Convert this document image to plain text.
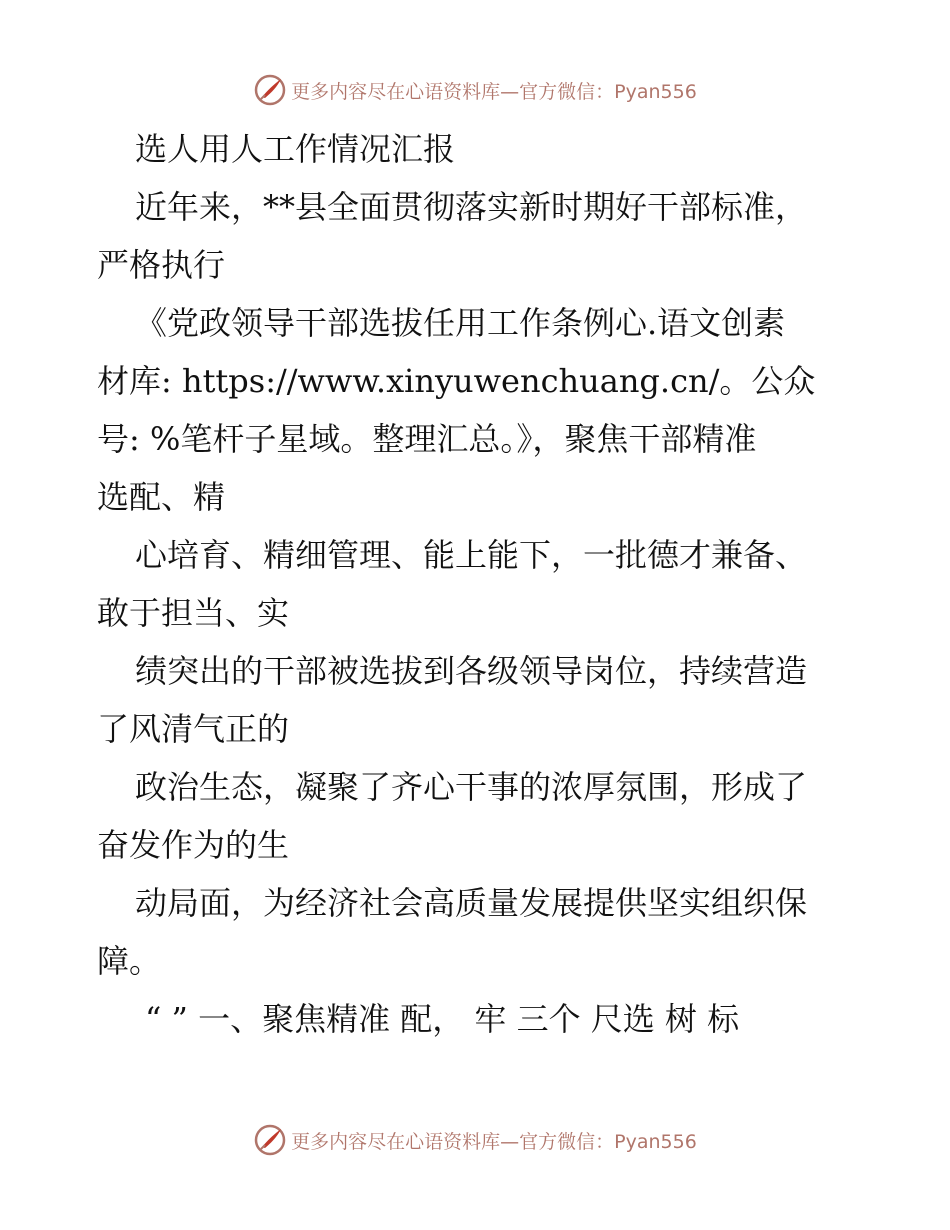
更多内容尽在心语资料库—官方微信：Pyan556
选人用人工作情况汇报
近年来，**县全面贯彻落实新时期好干部标准，
严格执行
《党政领导干部选拔任用工作条例心.语文创素
材库: https://www.xinyuwenchuang.cn/。公众
号: %笔杆子星域。整理汇总。》，聚焦干部精准
选配、精
心培育、精细管理、能上能下，一批德才兼备、
敢于担当、实
绩突出的干部被选拔到各级领导岗位，持续营造
了风清气正的
政治生态，凝聚了齐心干事的浓厚氛围，形成了
奋发作为的生
动局面，为经济社会高质量发展提供坚实组织保
障。
“ ” 一、聚焦精准 配， 牢 三个 尺选 树 标
更多内容尽在心语资料库—官方微信：Pyan556
